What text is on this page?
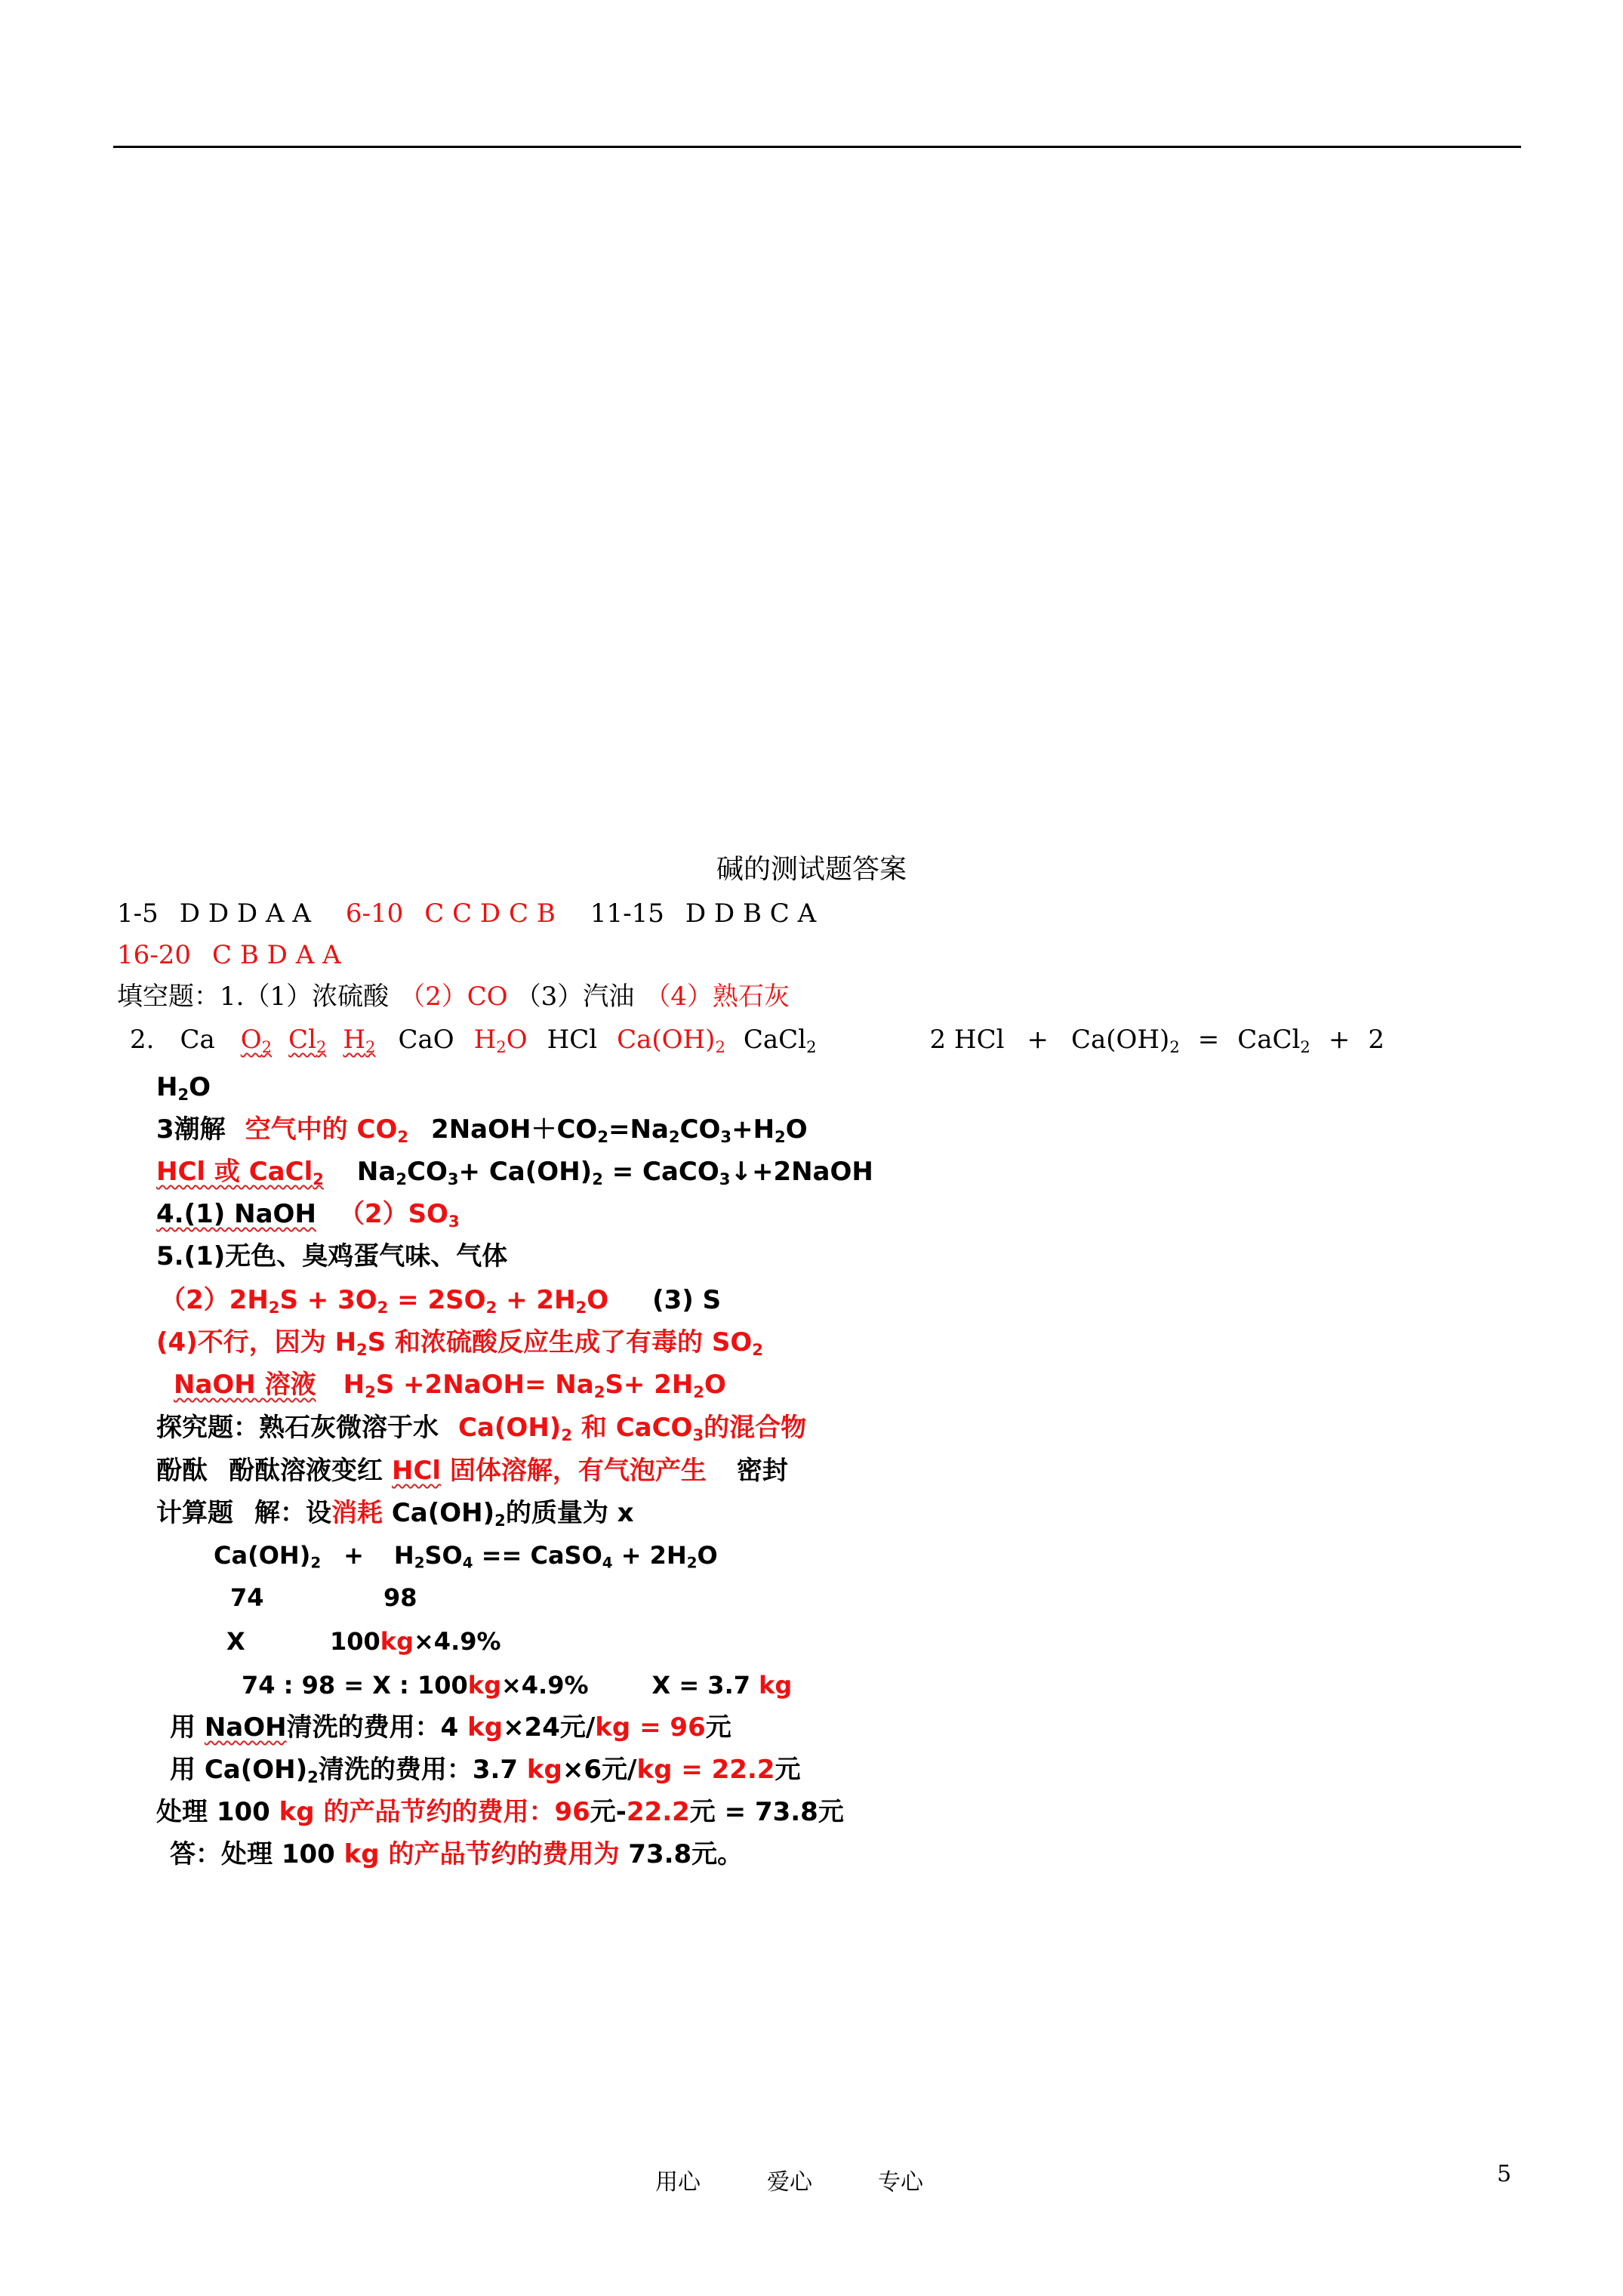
碱的测试题答案
1-5 D D D A A 6-10 C C D C B 11-15 D D B C A
16-20 C B D A A
填空题：1.（1）浓硫酸 （2）CO （3）汽油 （4）熟石灰
2. Ca $O_2$ $Cl_2$ $H_2$ CaO $H_2O$ HCl $Ca(OH)_2$ CaCl$_2$	2 HCl + $Ca(OH)_2$ = CaCl$_2$ + 2
$H_2O$
3潮解 空气中的 $CO_2$ $2NaOH+CO_2=Na_2CO_3+H_2O$
HCl 或 CaCl$_2$ $Na_2CO_3+ Ca(OH)_2$ = CaCO$_3$↓+2NaOH
4.(1) NaOH $(2)SO_3$
5.(1)无色、臭鸡蛋气味、气体
$(2)2H_2S + 3O_2 = 2SO_2 + 2H_2O$ (3) S
(4)不行，因为 $H_2S$ 和浓硫酸反应生成了有毒的 $SO_2$
NaOH 溶液 $H_2S$ +2NaOH= $Na_2S+ 2H_2O$
探究题：熟石灰微溶于水 $Ca(OH)_2$ 和 CaCO$_3$的混合物
酚酞 酚酞溶液变红 HCl 固体溶解，有气泡产生 密封
计算题 解：设消耗 $Ca(OH)_2$的质量为 x
$Ca(OH)_2 + H_2SO_4$ == CaSO$_4$ + $2H_2O$
74	98
X	100kg×4.9%
74 : 98 = X : 100kg×4.9%	X = 3.7 kg
用 NaOH清洗的费用：4 kg×24元/kg = 96元
用 $Ca(OH)_2$清洗的费用：3.7 kg×6元/kg = 22.2元
处理 100 kg 的产品节约的费用：96元-22.2元 = 73.8元
答：处理 100 kg 的产品节约的费用为 73.8元。
用心	爱心	专心	5
